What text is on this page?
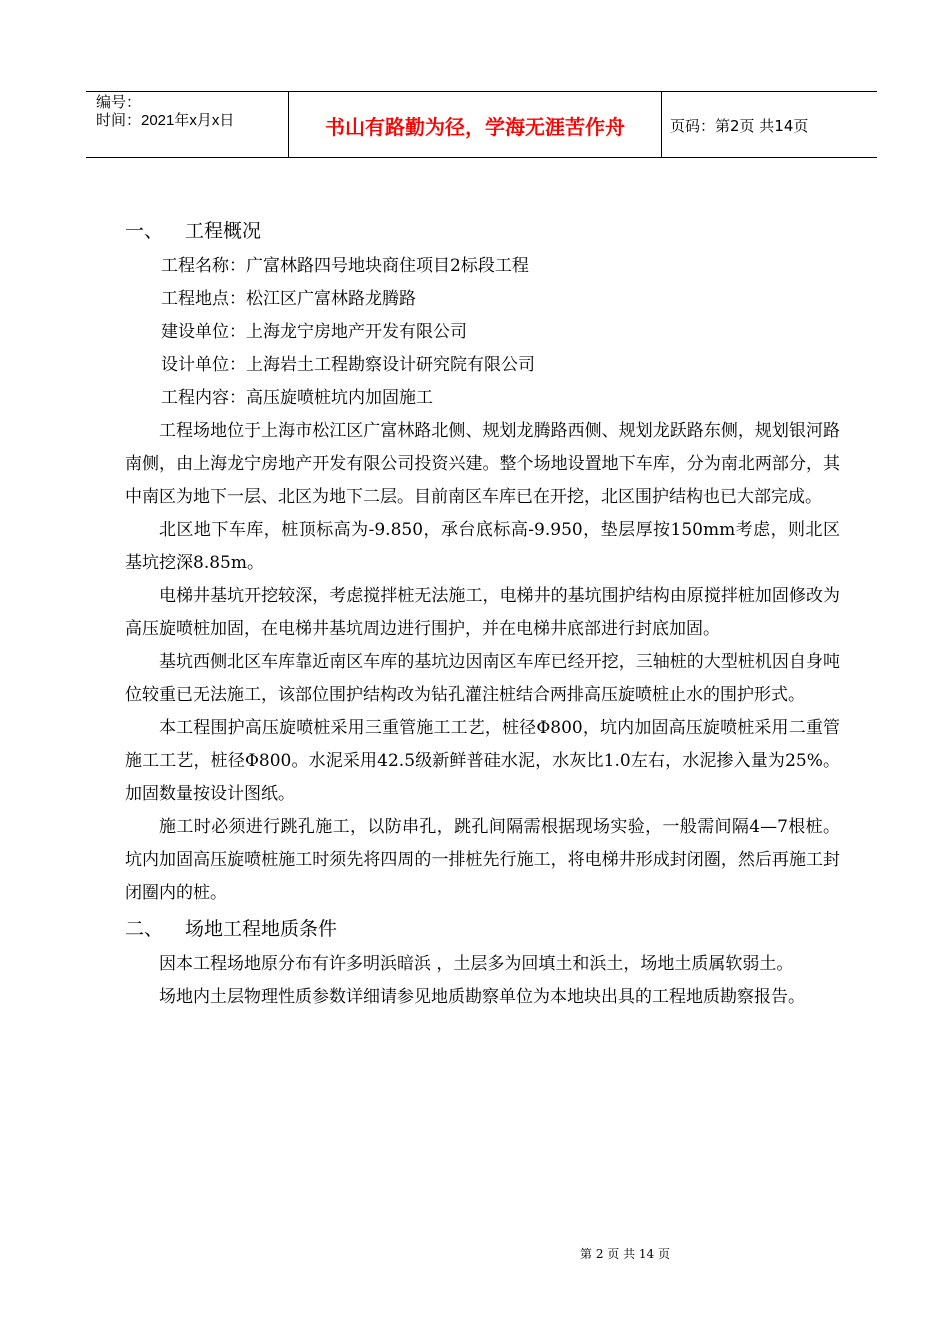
编号：
时间：2021年x月x日	书山有路勤为径，学海无涯苦作舟	页码：第2页 共14页
一、 工程概况

工程名称：广富林路四号地块商住项目2标段工程

工程地点：松江区广富林路龙腾路

建设单位：上海龙宁房地产开发有限公司

设计单位：上海岩土工程勘察设计研究院有限公司

工程内容：高压旋喷桩坑内加固施工

工程场地位于上海市松江区广富林路北侧、规划龙腾路西侧、规划龙跃路东侧，规划银河路南侧，由上海龙宁房地产开发有限公司投资兴建。整个场地设置地下车库，分为南北两部分，其中南区为地下一层、北区为地下二层。目前南区车库已在开挖，北区围护结构也已大部完成。

北区地下车库，桩顶标高为-9.850，承台底标高-9.950，垫层厚按150mm考虑，则北区基坑挖深8.85m。

电梯井基坑开挖较深，考虑搅拌桩无法施工，电梯井的基坑围护结构由原搅拌桩加固修改为高压旋喷桩加固，在电梯井基坑周边进行围护，并在电梯井底部进行封底加固。

基坑西侧北区车库靠近南区车库的基坑边因南区车库已经开挖，三轴桩的大型桩机因自身吨位较重已无法施工，该部位围护结构改为钻孔灌注桩结合两排高压旋喷桩止水的围护形式。

本工程围护高压旋喷桩采用三重管施工工艺，桩径Φ800，坑内加固高压旋喷桩采用二重管施工工艺，桩径Φ800。水泥采用42.5级新鲜普硅水泥，水灰比1.0左右，水泥掺入量为25%。加固数量按设计图纸。

施工时必须进行跳孔施工，以防串孔，跳孔间隔需根据现场实验，一般需间隔4—7根桩。坑内加固高压旋喷桩施工时须先将四周的一排桩先行施工，将电梯井形成封闭圈，然后再施工封闭圈内的桩。

二、 场地工程地质条件

因本工程场地原分布有许多明浜暗浜 ，土层多为回填土和浜土，场地土质属软弱土。

场地内土层物理性质参数详细请参见地质勘察单位为本地块出具的工程地质勘察报告。

第 2 页 共 14 页
